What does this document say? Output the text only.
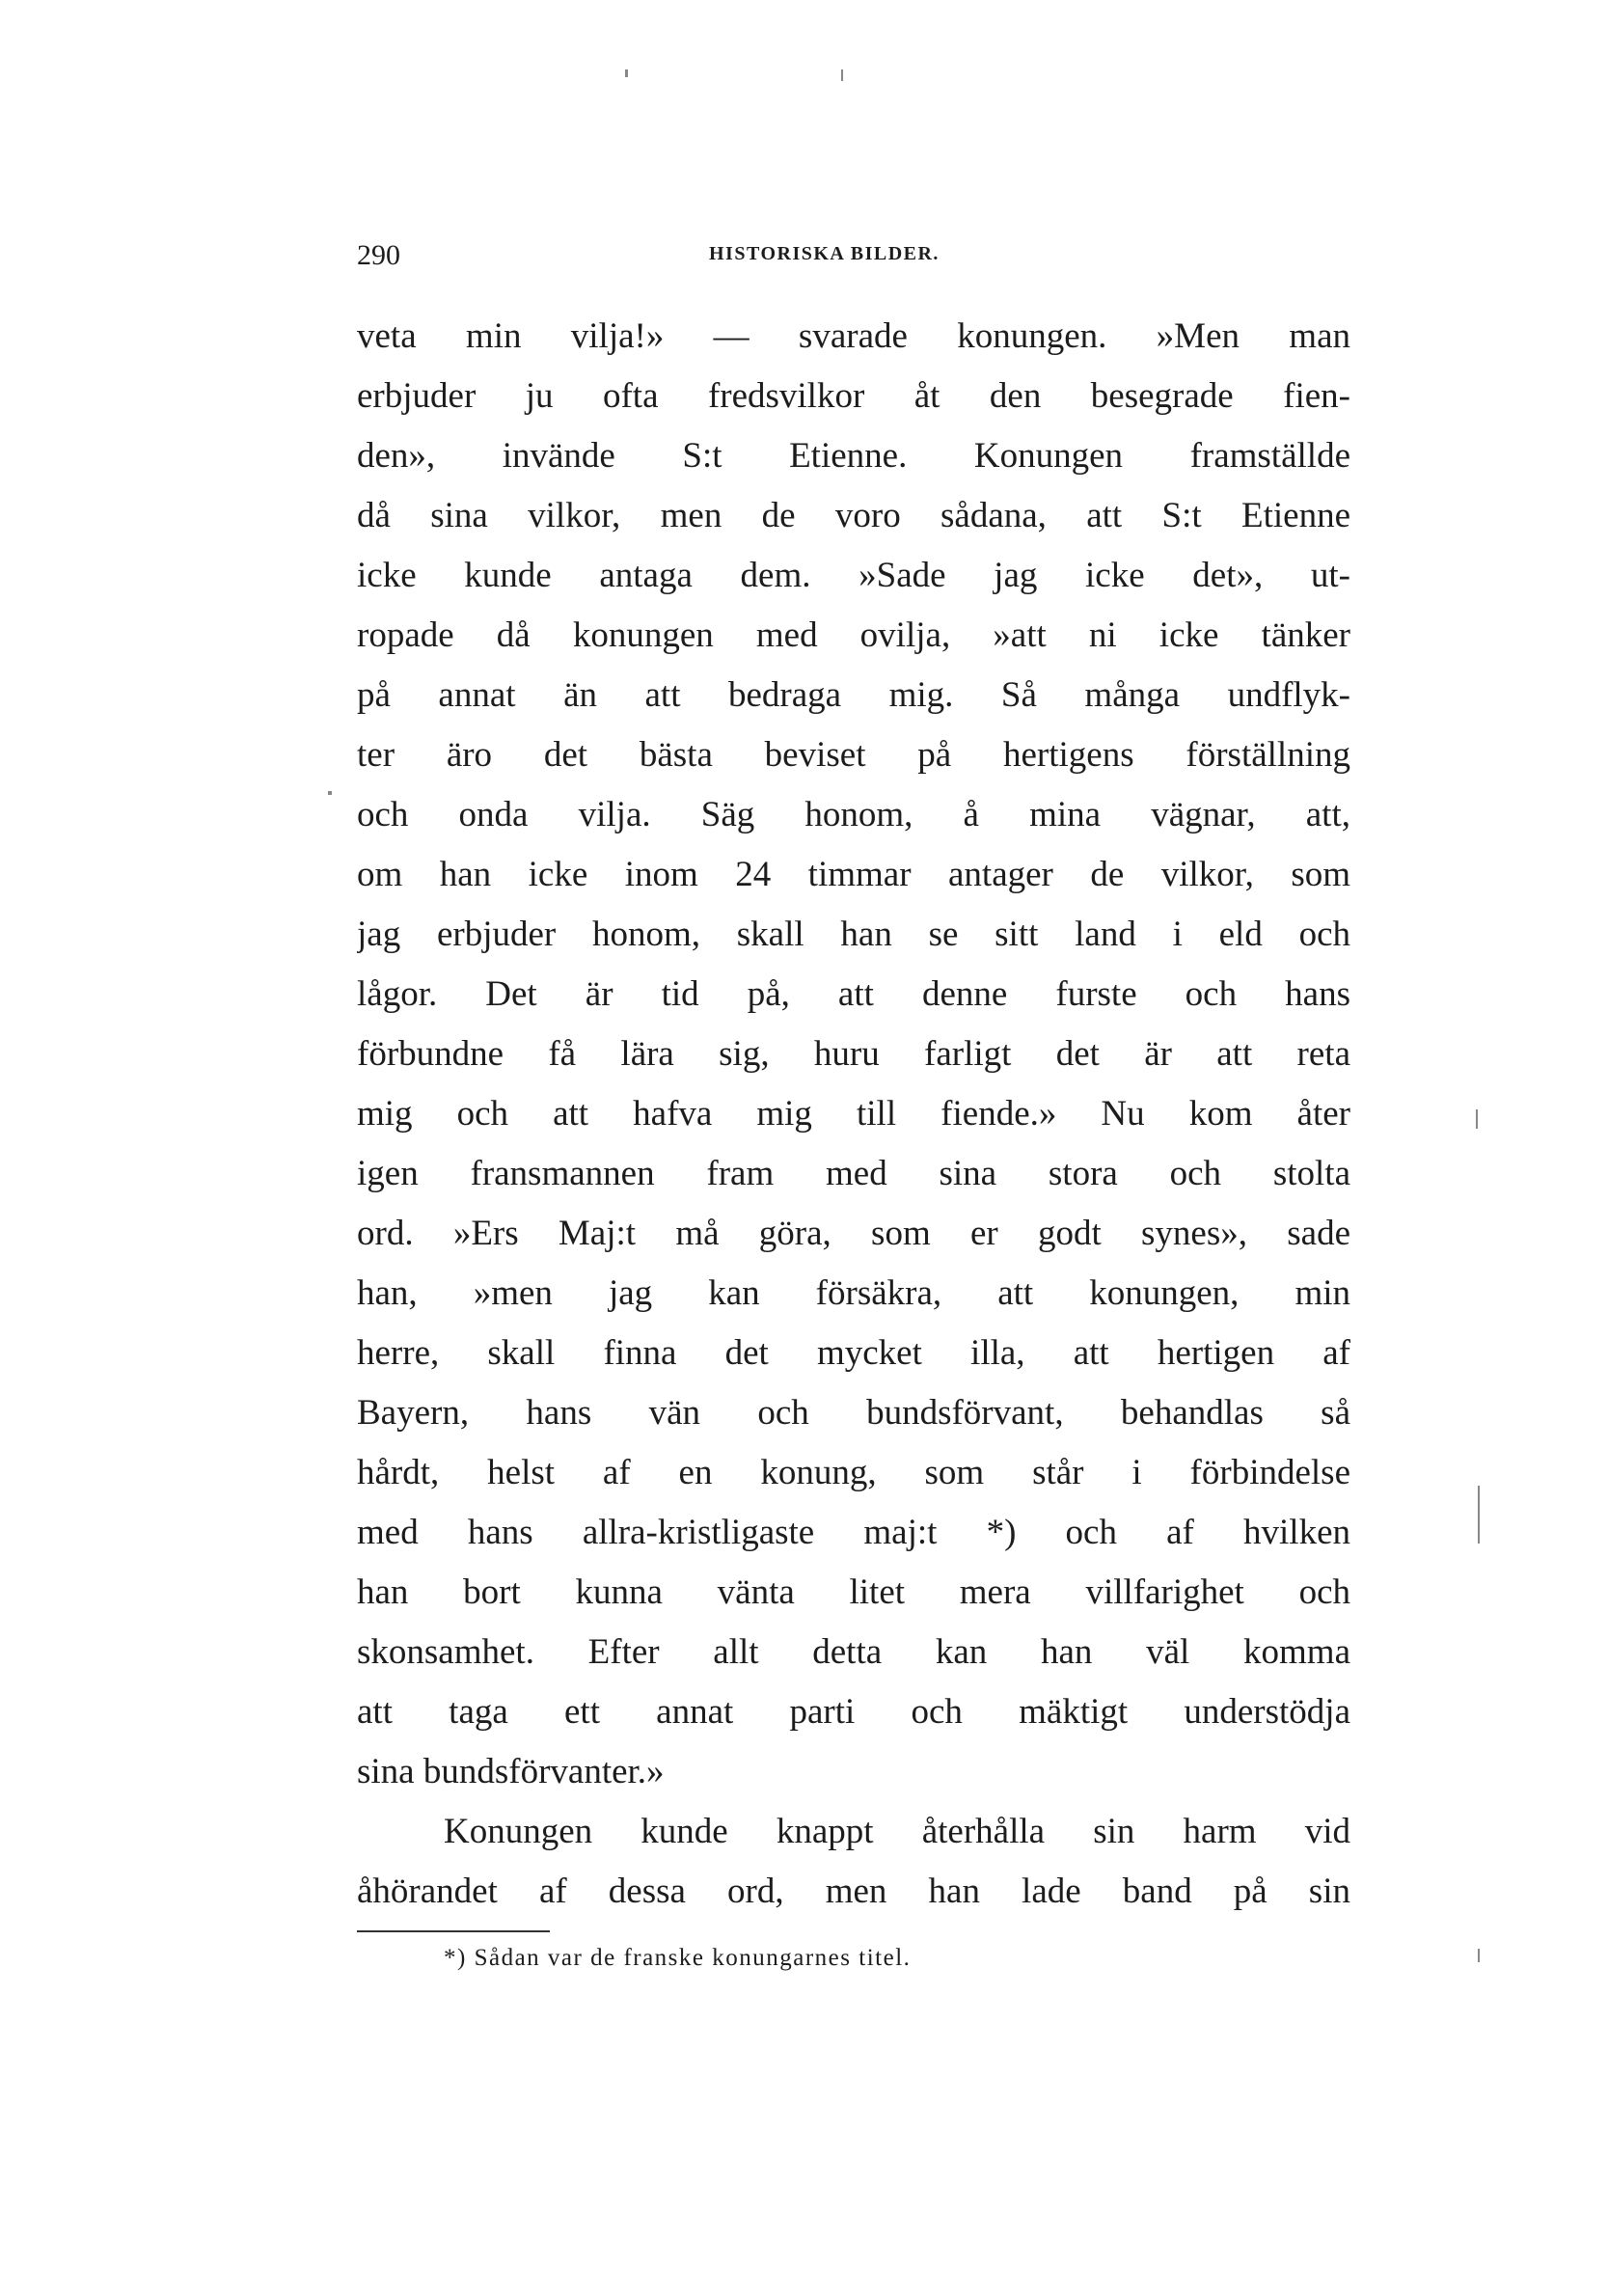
290	HISTORISKA BILDER.
veta min vilja!» — svarade konungen. »Men man
erbjuder ju ofta fredsvilkor åt den besegrade fien-
den», invände S:t Etienne. Konungen framställde
då sina vilkor, men de voro sådana, att S:t Etienne
icke kunde antaga dem. »Sade jag icke det», ut-
ropade då konungen med ovilja, »att ni icke tänker
på annat än att bedraga mig. Så många undflyk-
ter äro det bästa beviset på hertigens förställning
och onda vilja. Säg honom, å mina vägnar, att,
om han icke inom 24 timmar antager de vilkor, som
jag erbjuder honom, skall han se sitt land i eld och
lågor. Det är tid på, att denne furste och hans
förbundne få lära sig, huru farligt det är att reta
mig och att hafva mig till fiende.» Nu kom åter
igen fransmannen fram med sina stora och stolta
ord. »Ers Maj:t må göra, som er godt synes», sade
han, »men jag kan försäkra, att konungen, min
herre, skall finna det mycket illa, att hertigen af
Bayern, hans vän och bundsförvant, behandlas så
hårdt, helst af en konung, som står i förbindelse
med hans allra-kristligaste maj:t *) och af hvilken
han bort kunna vänta litet mera villfarighet och
skonsamhet. Efter allt detta kan han väl komma
att taga ett annat parti och mäktigt understödja
sina bundsförvanter.»
Konungen kunde knappt återhålla sin harm vid
åhörandet af dessa ord, men han lade band på sin
*) Sådan var de franske konungarnes titel.
